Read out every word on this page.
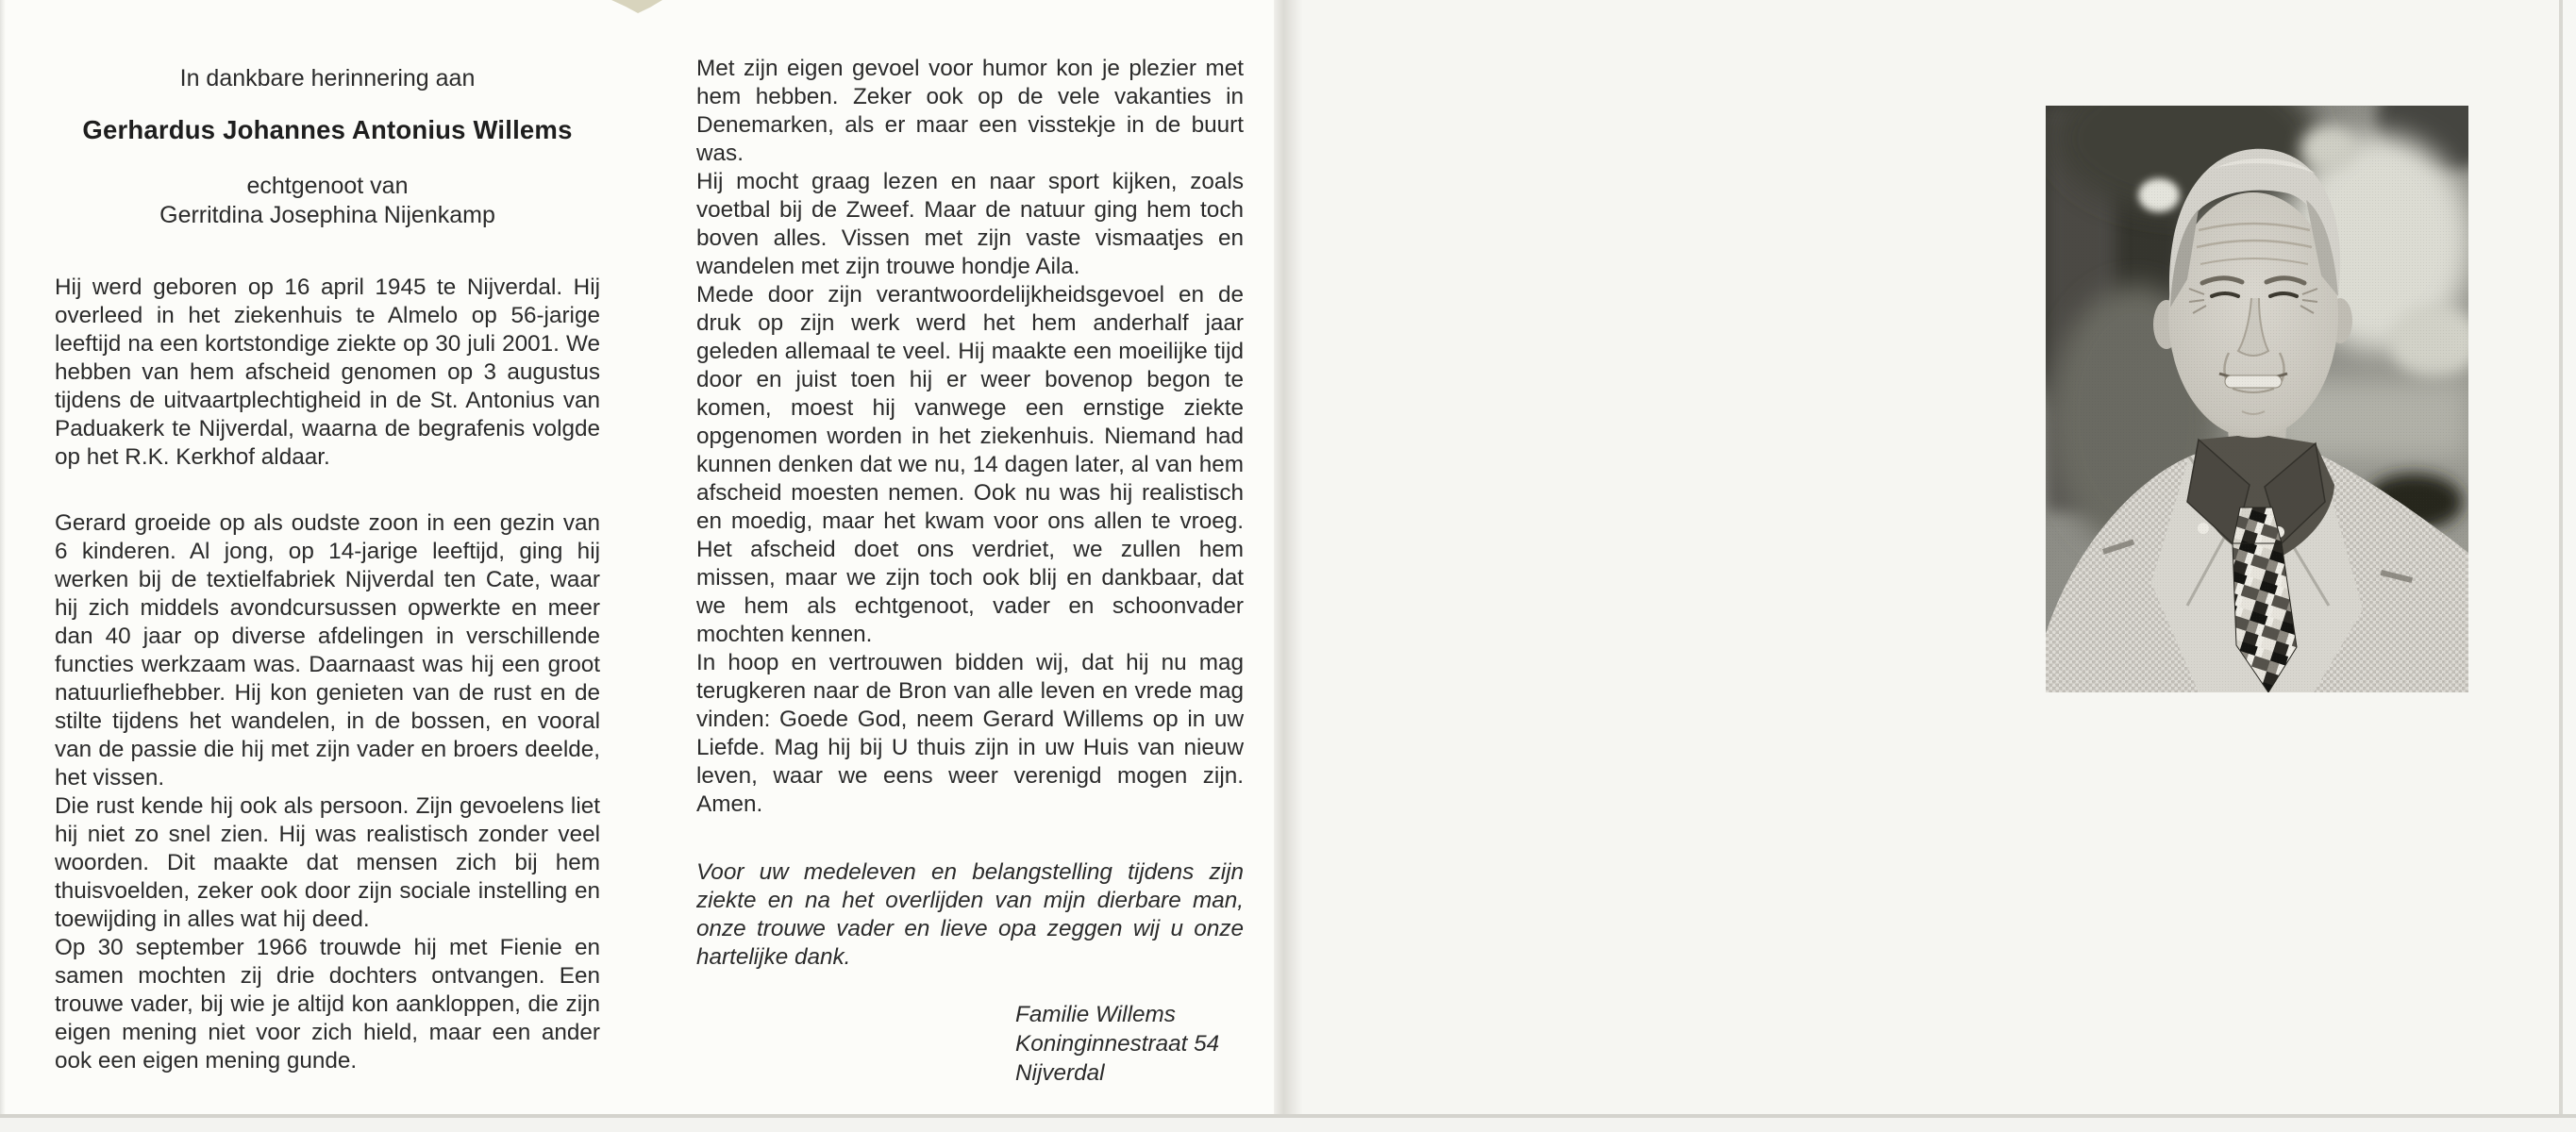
In dankbare herinnering aan

Gerhardus Johannes Antonius Willems

echtgenoot van

Gerritdina Josephina Nijenkamp

Hij werd geboren op 16 april 1945 te Nijverdal. Hij overleed in het ziekenhuis te Almelo op 56-jarige leeftijd na een kortstondige ziekte op 30 juli 2001. We hebben van hem afscheid genomen op 3 augustus tijdens de uitvaartplechtigheid in de St. Antonius van Paduakerk te Nijverdal, waarna de begrafenis volgde op het R.K. Kerkhof aldaar.

Gerard groeide op als oudste zoon in een gezin van 6 kinderen. Al jong, op 14-jarige leeftijd, ging hij werken bij de textielfabriek Nijverdal ten Cate, waar hij zich middels avondcursussen opwerkte en meer dan 40 jaar op diverse afdelingen in verschillende functies werkzaam was. Daarnaast was hij een groot natuurliefhebber. Hij kon genieten van de rust en de stilte tijdens het wandelen, in de bossen, en vooral van de passie die hij met zijn vader en broers deelde, het vissen.

Die rust kende hij ook als persoon. Zijn gevoelens liet hij niet zo snel zien. Hij was realistisch zonder veel woorden. Dit maakte dat mensen zich bij hem thuisvoelden, zeker ook door zijn sociale instelling en toewijding in alles wat hij deed.

Op 30 september 1966 trouwde hij met Fienie en samen mochten zij drie dochters ontvangen. Een trouwe vader, bij wie je altijd kon aankloppen, die zijn eigen mening niet voor zich hield, maar een ander ook een eigen mening gunde.

Met zijn eigen gevoel voor humor kon je plezier met hem hebben. Zeker ook op de vele vakanties in Denemarken, als er maar een visstekje in de buurt was.

Hij mocht graag lezen en naar sport kijken, zoals voetbal bij de Zweef. Maar de natuur ging hem toch boven alles. Vissen met zijn vaste vismaatjes en wandelen met zijn trouwe hondje Aila.

Mede door zijn verantwoordelijkheidsgevoel en de druk op zijn werk werd het hem anderhalf jaar geleden allemaal te veel. Hij maakte een moeilijke tijd door en juist toen hij er weer bovenop begon te komen, moest hij vanwege een ernstige ziekte opgenomen worden in het ziekenhuis. Niemand had kunnen denken dat we nu, 14 dagen later, al van hem afscheid moesten nemen. Ook nu was hij realistisch en moedig, maar het kwam voor ons allen te vroeg. Het afscheid doet ons verdriet, we zullen hem missen, maar we zijn toch ook blij en dankbaar, dat we hem als echtgenoot, vader en schoonvader mochten kennen.

In hoop en vertrouwen bidden wij, dat hij nu mag terugkeren naar de Bron van alle leven en vrede mag vinden: Goede God, neem Gerard Willems op in uw Liefde. Mag hij bij U thuis zijn in uw Huis van nieuw leven, waar we eens weer verenigd mogen zijn. Amen.

Voor uw medeleven en belangstelling tijdens zijn ziekte en na het overlijden van mijn dierbare man, onze trouwe vader en lieve opa zeggen wij u onze hartelijke dank.

Familie Willems
Koninginnestraat 54
Nijverdal
